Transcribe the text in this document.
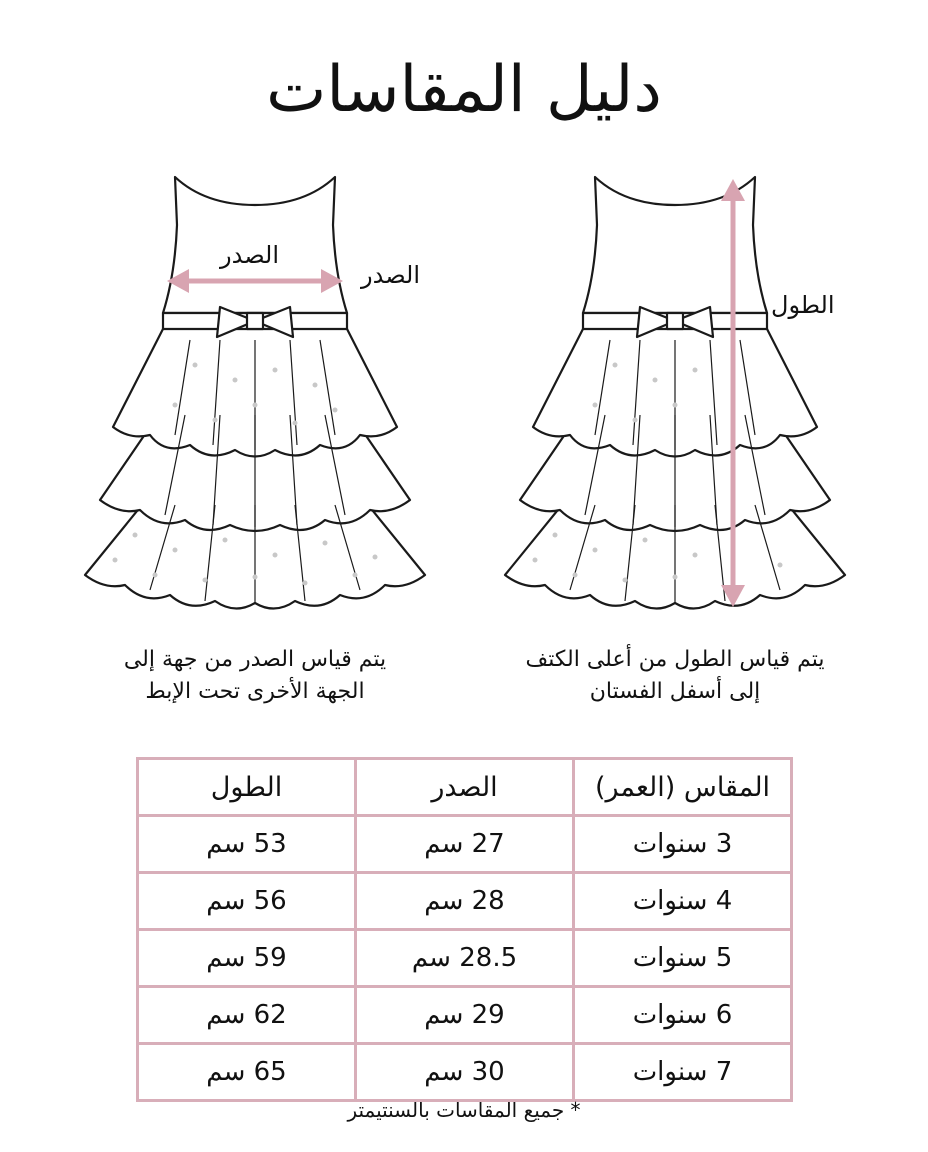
دليل المقاسات
الصدر
الصدر
الطول
يتم قياس الصدر من جهة إلى
الجهة الأخرى تحت الإبط
يتم قياس الطول من أعلى الكتف
إلى أسفل الفستان
المقاس (العمر)	الصدر	الطول
3 سنوات	27 سم	53 سم
4 سنوات	28 سم	56 سم
5 سنوات	28.5 سم	59 سم
6 سنوات	29 سم	62 سم
7 سنوات	30 سم	65 سم
* جميع المقاسات بالسنتيمتر
